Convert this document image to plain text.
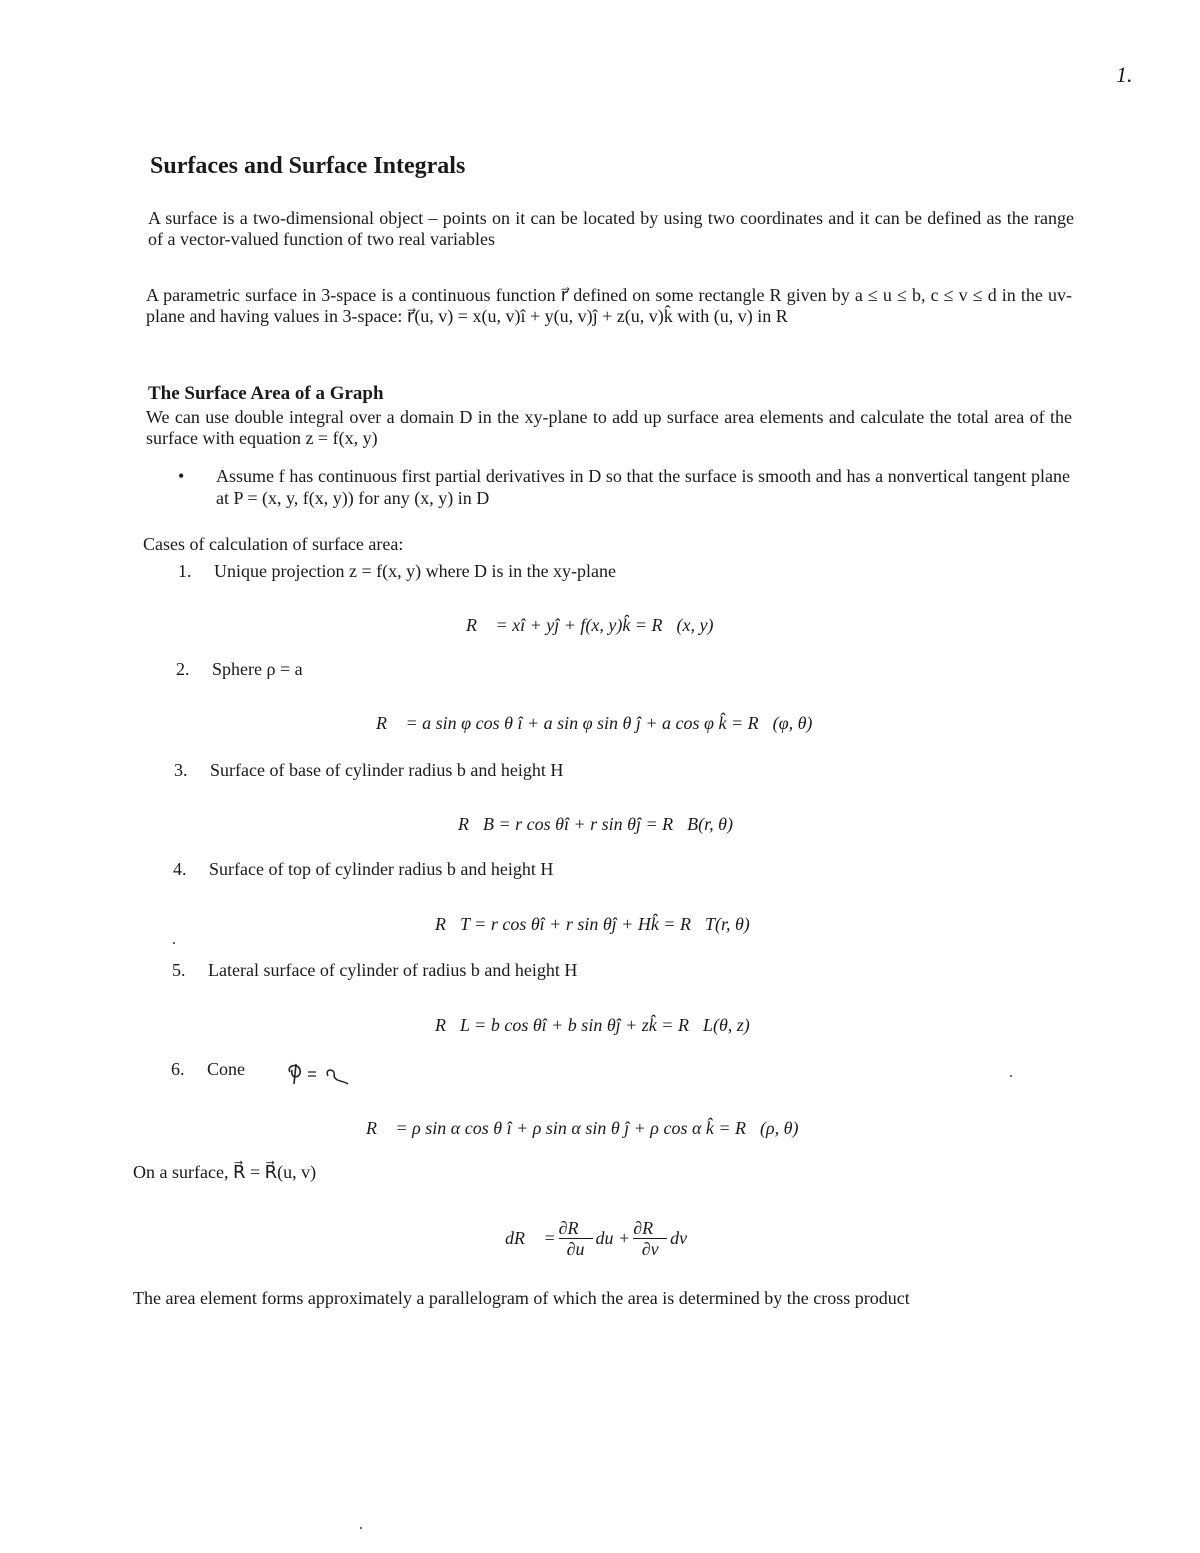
1.
Surfaces and Surface Integrals
A surface is a two-dimensional object – points on it can be located by using two coordinates and it can be defined as the range of a vector-valued function of two real variables
A parametric surface in 3-space is a continuous function r⃗ defined on some rectangle R given by a ≤ u ≤ b, c ≤ v ≤ d in the uv-plane and having values in 3-space: r⃗(u, v) = x(u, v)î + y(u, v)ĵ + z(u, v)k̂ with (u, v) in R
The Surface Area of a Graph
We can use double integral over a domain D in the xy-plane to add up surface area elements and calculate the total area of the surface with equation z = f(x, y)
•	Assume f has continuous first partial derivatives in D so that the surface is smooth and has a nonvertical tangent plane at P = (x, y, f(x, y)) for any (x, y) in D
Cases of calculation of surface area:
1.	Unique projection z = f(x, y) where D is in the xy-plane
R⃗ = xî + yĵ + f(x, y)k̂ = R⃗(x, y)
2.	Sphere ρ = a
R⃗ = a sin φ cos θ î + a sin φ sin θ ĵ + a cos φ k̂ = R⃗(φ, θ)
3.	Surface of base of cylinder radius b and height H
R⃗B = r cos θî + r sin θĵ = R⃗B(r, θ)
4.	Surface of top of cylinder radius b and height H
R⃗T = r cos θî + r sin θĵ + Hk̂ = R⃗T(r, θ)
5.	Lateral surface of cylinder of radius b and height H
R⃗L = b cos θî + b sin θĵ + zk̂ = R⃗L(θ, z)
6.	Cone
R⃗ = ρ sin α cos θ î + ρ sin α sin θ ĵ + ρ cos α k̂ = R⃗(ρ, θ)
On a surface, R⃗ = R⃗(u, v)
dR⃗ = $\frac{\partial R⃗}{\partial u}$ du + $\frac{\partial R⃗}{\partial v}$ dv
The area element forms approximately a parallelogram of which the area is determined by the cross product
